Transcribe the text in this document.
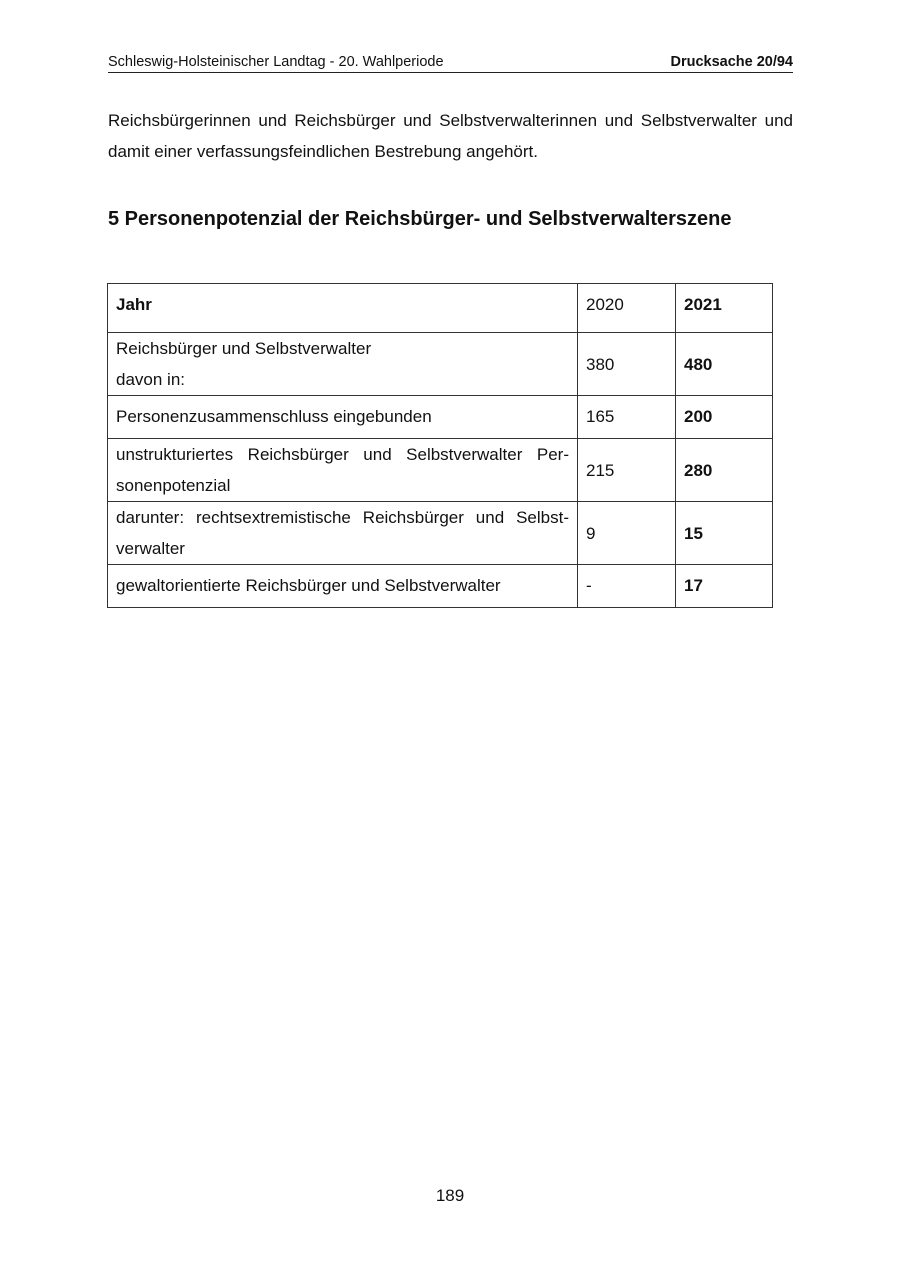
Schleswig-Holsteinischer Landtag - 20. Wahlperiode	Drucksache 20/94
Reichsbürgerinnen und Reichsbürger und Selbstverwalterinnen und Selbstverwalter und damit einer verfassungsfeindlichen Bestrebung angehört.
5 Personenpotenzial der Reichsbürger- und Selbstverwalterszene
Jahr	2020	2021

Reichsbürger und Selbstverwalter
davon in:	380	480
Personenzusammenschluss eingebunden	165	200
unstrukturiertes Reichsbürger und Selbstverwalter Per-sonenpotenzial	215	280
darunter: rechtsextremistische Reichsbürger und Selbst-verwalter	9	15
gewaltorientierte Reichsbürger und Selbstverwalter	-	17
189
